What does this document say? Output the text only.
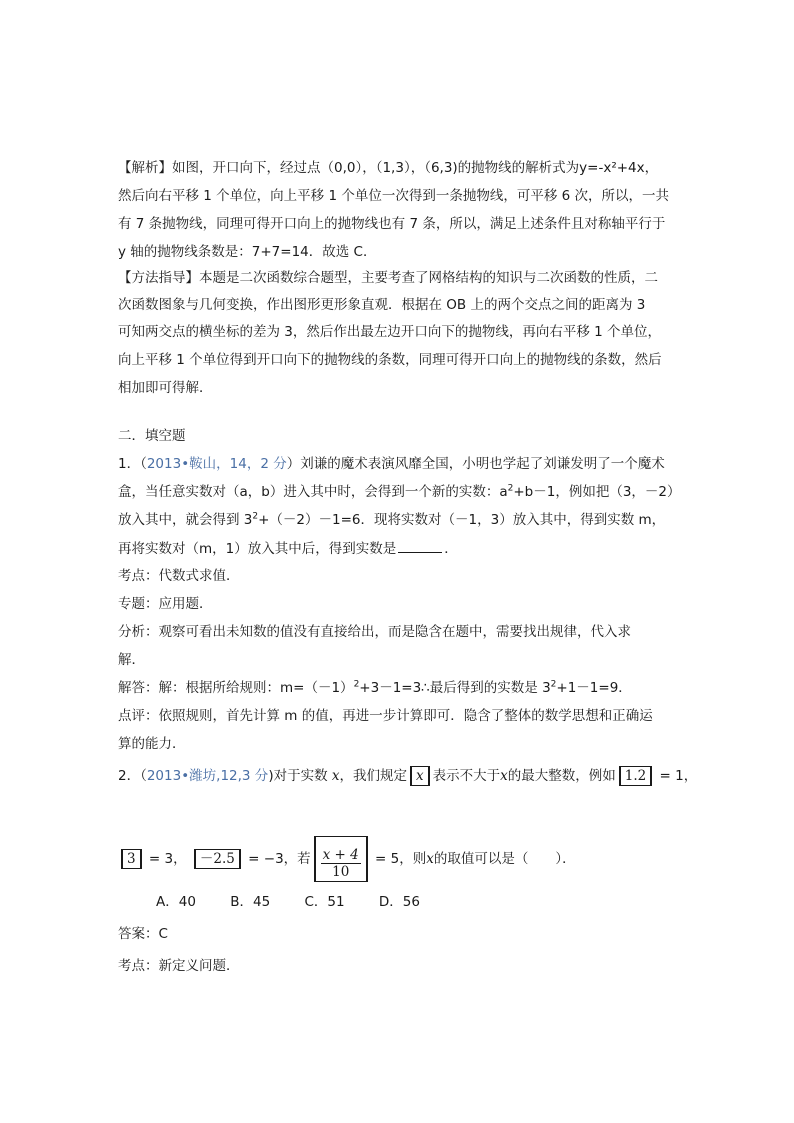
【解析】如图，开口向下，经过点（0,0），（1,3），（6,3)的抛物线的解析式为y=-x²+4x，
然后向右平移 1 个单位，向上平移 1 个单位一次得到一条抛物线，可平移 6 次，所以，一共
有 7 条抛物线，同理可得开口向上的抛物线也有 7 条，所以，满足上述条件且对称轴平行于
y 轴的抛物线条数是：7+7=14．故选 C．
【方法指导】本题是二次函数综合题型，主要考查了网格结构的知识与二次函数的性质，二
次函数图象与几何变换，作出图形更形象直观．根据在 OB 上的两个交点之间的距离为 3
可知两交点的横坐标的差为 3，然后作出最左边开口向下的抛物线，再向右平移 1 个单位，
向上平移 1 个单位得到开口向下的抛物线的条数，同理可得开口向上的抛物线的条数，然后
相加即可得解．
二．填空题
1．（2013•鞍山，14，2 分）刘谦的魔术表演风靡全国，小明也学起了刘谦发明了一个魔术
盒，当任意实数对（a，b）进入其中时，会得到一个新的实数：$a^2+b-1$，例如把（3，－2）
放入其中，就会得到 $3^2+(-2)-1=6$．现将实数对（－1，3）放入其中，得到实数 m，
再将实数对（m，1）放入其中后，得到实数是	．
考点：代数式求值．
专题：应用题．
分析：观察可看出未知数的值没有直接给出，而是隐含在题中，需要找出规律，代入求
解．
解答：解：根据所给规则：$m=(-1)^2+3-1=3\therefore$最后得到的实数是 $3^2+1-1=9$．
点评：依照规则，首先计算 m 的值，再进一步计算即可．隐含了整体的数学思想和正确运
算的能力．
2．（2013•潍坊,12,3 分)对于实数 x，我们规定 x 表示不大于x的最大整数，例如 1.2 = 1，
3 = 3， －2.5 = −3，若 $\frac{x + 4}{10} = 5$，则x的取值可以是（　　）．
A．40	B．45	C．51	D．56
答案：C
考点：新定义问题．
